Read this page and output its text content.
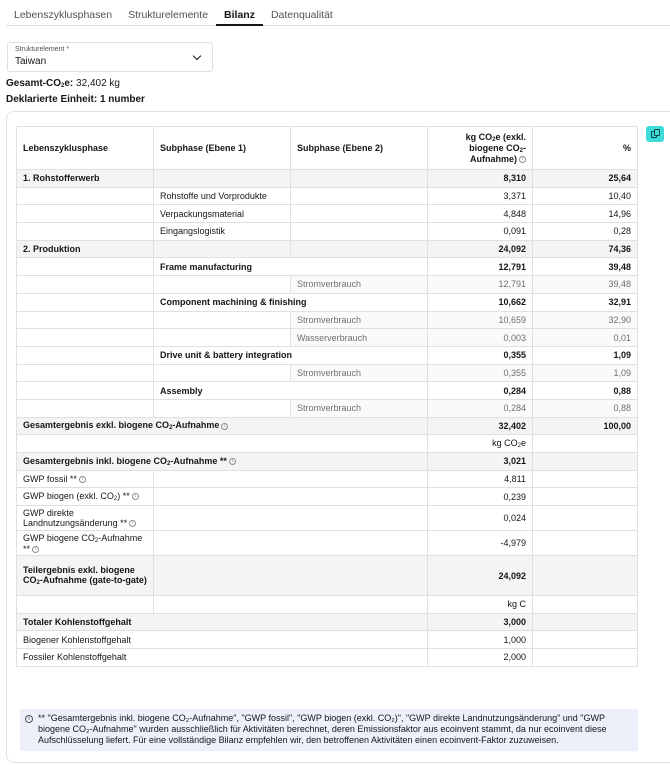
Lebenszyklusphasen	Strukturelemente	Bilanz	Datenqualität
Strukturelement *
Taiwan
Gesamt-$CO_2e$: 32,402 kg
Deklarierte Einheit: 1 number
Lebenszyklusphase	Subphase (Ebene 1)	Subphase (Ebene 2)	kg $CO_2e$ (exkl. biogene $CO_2-Aufnahme$) i	%
1. Rohstofferwerb			8,310	25,64
	Rohstoffe und Vorprodukte		3,371	10,40
	Verpackungsmaterial		4,848	14,96
	Eingangslogistik		0,091	0,28
2. Produktion			24,092	74,36
	Frame manufacturing		12,791	39,48
		Stromverbrauch	12,791	39,48
	Component machining & finishing		10,662	32,91
		Stromverbrauch	10,659	32,90
		Wasserverbrauch	0,003	0,01
	Drive unit & battery integration		0,355	1,09
		Stromverbrauch	0,355	1,09
	Assembly		0,284	0,88
		Stromverbrauch	0,284	0,88
Gesamtergebnis exkl. biogene $CO_2$-Aufnahme i			32,402	100,00
			kg $CO_2e$	
Gesamtergebnis inkl. biogene $CO_2$-Aufnahme ** i			3,021	
GWP fossil ** i			4,811	
GWP biogen (exkl. $CO_2$) ** i			0,239	
GWP direkte Landnutzungsänderung ** i			0,024	
GWP biogene $CO_2$-Aufnahme ** i			-4,979	
Teilergebnis exkl. biogene $CO_2$-Aufnahme (gate-to-gate)			24,092	
			kg C	
Totaler Kohlenstoffgehalt			3,000	
Biogener Kohlenstoffgehalt			1,000	
Fossiler Kohlenstoffgehalt			2,000	
i ** "Gesamtergebnis inkl. biogene CO₂-Aufnahme", "GWP fossil", "GWP biogen (exkl. CO₂)", "GWP direkte Landnutzungsänderung" und "GWP biogene CO₂-Aufnahme" wurden ausschließlich für Aktivitäten berechnet, deren Emissionsfaktor aus ecoinvent stammt, da nur ecoinvent diese Aufschlüsselung liefert. Für eine vollständige Bilanz empfehlen wir, den betroffenen Aktivitäten einen ecoinvent-Faktor zuzuweisen.
